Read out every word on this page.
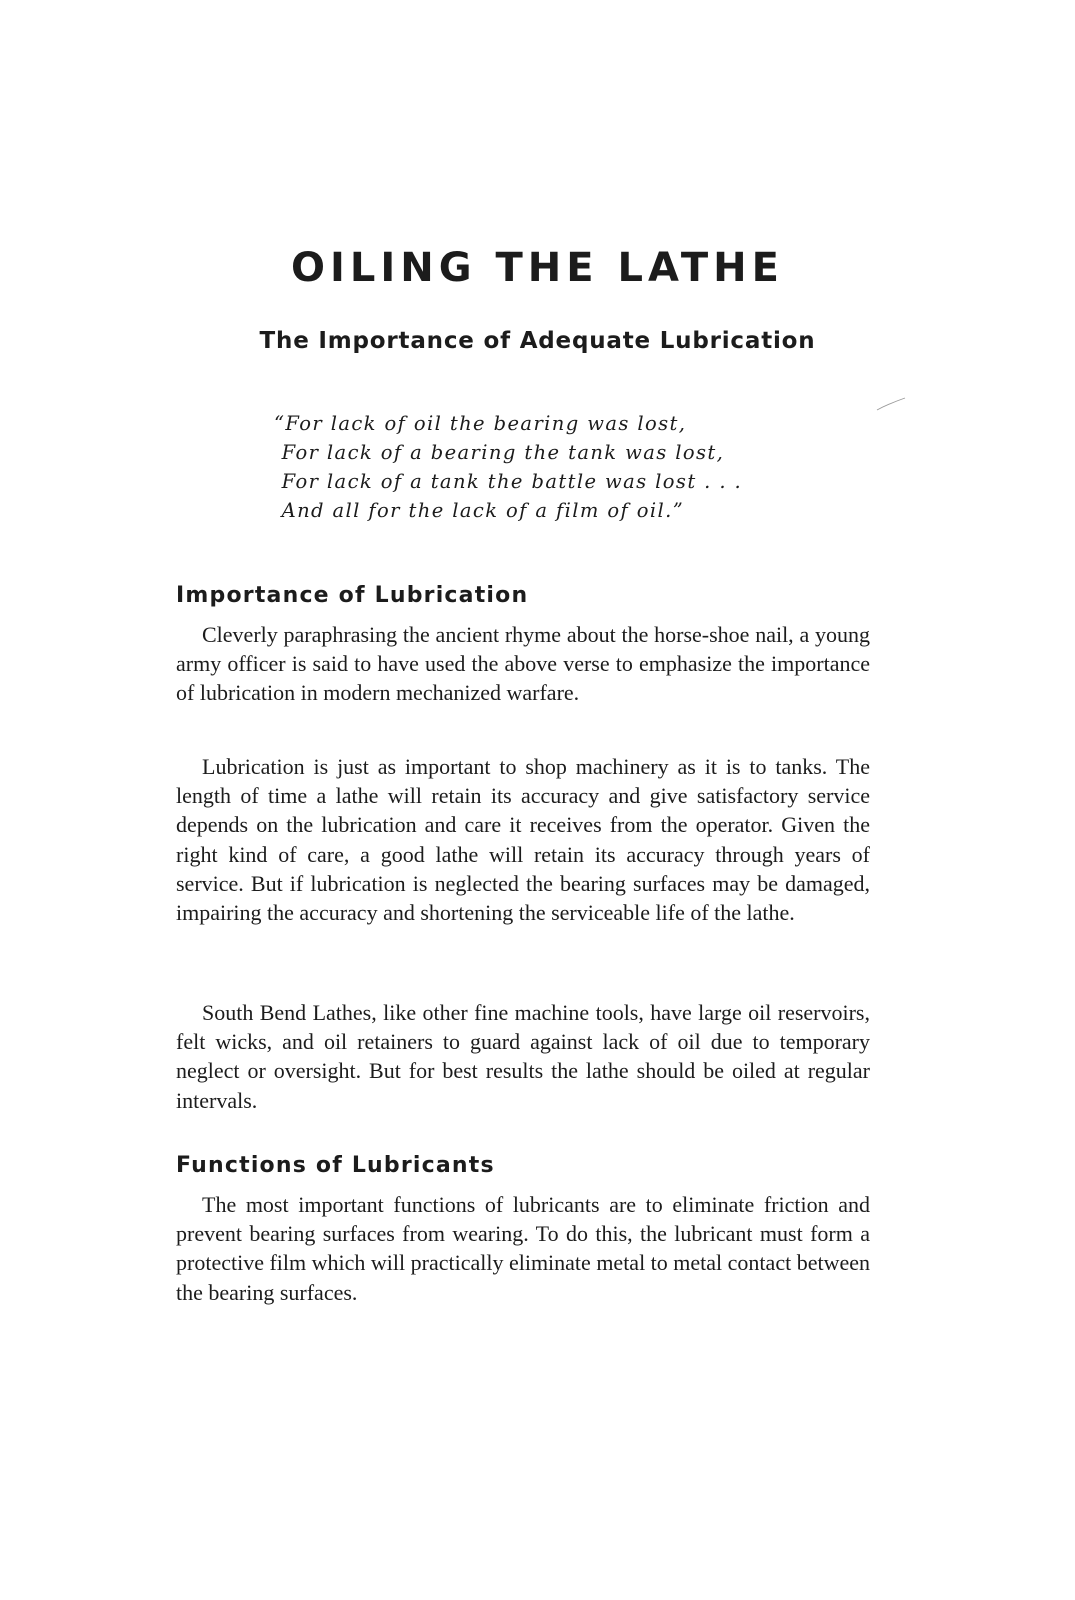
OILING THE LATHE
The Importance of Adequate Lubrication
“For lack of oil the bearing was lost,
For lack of a bearing the tank was lost,
For lack of a tank the battle was lost . . .
And all for the lack of a film of oil.”
Importance of Lubrication

Cleverly paraphrasing the ancient rhyme about the horse-shoe nail, a young army officer is said to have used the above verse to emphasize the importance of lubrication in modern mechanized warfare.

Lubrication is just as important to shop machinery as it is to tanks. The length of time a lathe will retain its accuracy and give satisfactory service depends on the lubrication and care it receives from the operator. Given the right kind of care, a good lathe will retain its accuracy through years of service. But if lubrication is neglected the bearing surfaces may be damaged, impairing the accuracy and shortening the serviceable life of the lathe.

South Bend Lathes, like other fine machine tools, have large oil reservoirs, felt wicks, and oil retainers to guard against lack of oil due to temporary neglect or oversight. But for best results the lathe should be oiled at regular intervals.

Functions of Lubricants

The most important functions of lubricants are to eliminate friction and prevent bearing surfaces from wearing. To do this, the lubricant must form a protective film which will practically eliminate metal to metal contact between the bearing surfaces.
